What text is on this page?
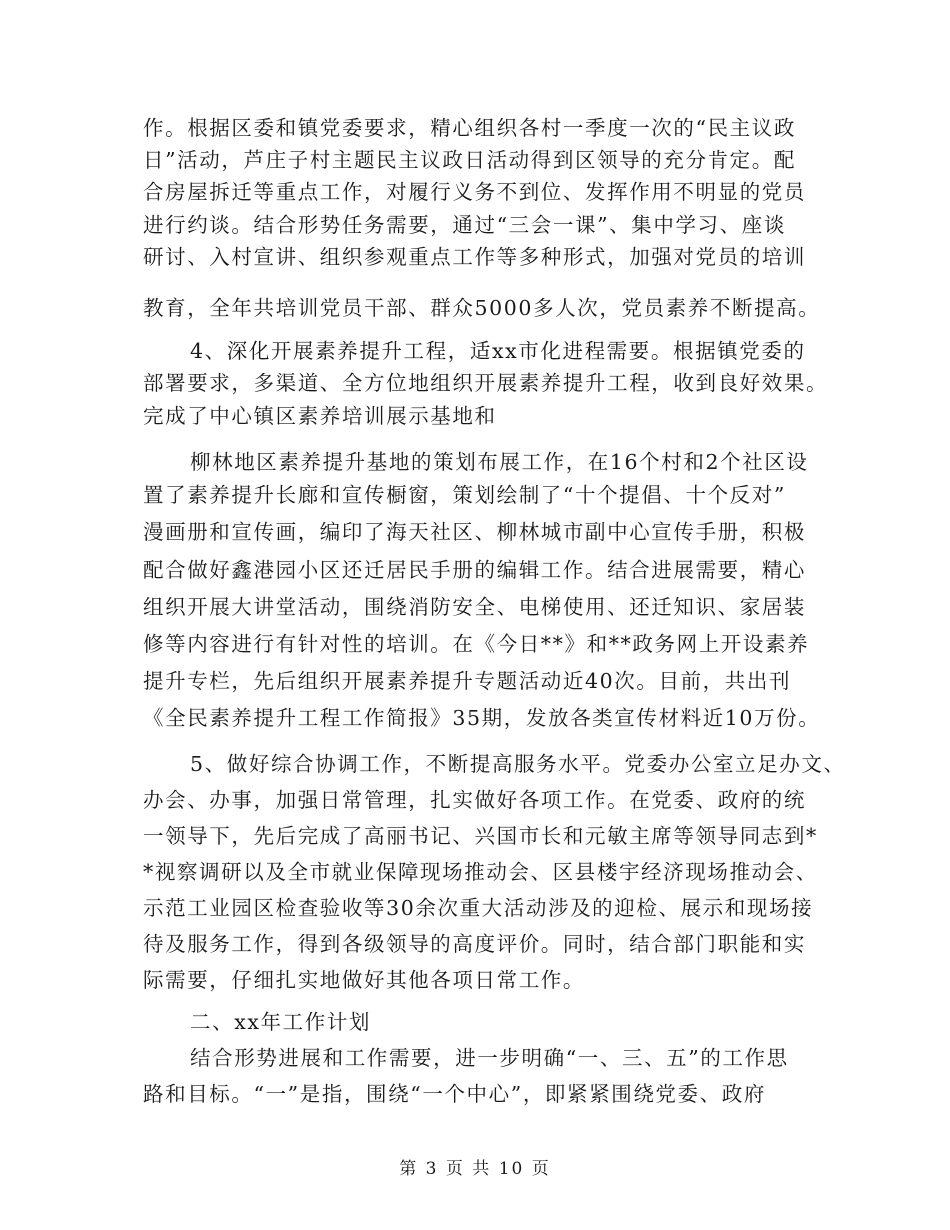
作。根据区委和镇党委要求，精心组织各村一季度一次的“民主议政
日”活动，芦庄子村主题民主议政日活动得到区领导的充分肯定。配
合房屋拆迁等重点工作，对履行义务不到位、发挥作用不明显的党员
进行约谈。结合形势任务需要，通过“三会一课”、集中学习、座谈
研讨、入村宣讲、组织参观重点工作等多种形式，加强对党员的培训
教育，全年共培训党员干部、群众5000多人次，党员素养不断提高。
4、深化开展素养提升工程，适xx市化进程需要。根据镇党委的
部署要求，多渠道、全方位地组织开展素养提升工程，收到良好效果。
完成了中心镇区素养培训展示基地和
柳林地区素养提升基地的策划布展工作，在16个村和2个社区设
置了素养提升长廊和宣传橱窗，策划绘制了“十个提倡、十个反对”
漫画册和宣传画，编印了海天社区、柳林城市副中心宣传手册，积极
配合做好鑫港园小区还迁居民手册的编辑工作。结合进展需要，精心
组织开展大讲堂活动，围绕消防安全、电梯使用、还迁知识、家居装
修等内容进行有针对性的培训。在《今日**》和**政务网上开设素养
提升专栏，先后组织开展素养提升专题活动近40次。目前，共出刊
《全民素养提升工程工作简报》35期，发放各类宣传材料近10万份。
5、做好综合协调工作，不断提高服务水平。党委办公室立足办文、
办会、办事，加强日常管理，扎实做好各项工作。在党委、政府的统
一领导下，先后完成了高丽书记、兴国市长和元敏主席等领导同志到*
*视察调研以及全市就业保障现场推动会、区县楼宇经济现场推动会、
示范工业园区检查验收等30余次重大活动涉及的迎检、展示和现场接
待及服务工作，得到各级领导的高度评价。同时，结合部门职能和实
际需要，仔细扎实地做好其他各项日常工作。
二、xx年工作计划
结合形势进展和工作需要，进一步明确“一、三、五”的工作思
路和目标。“一”是指，围绕“一个中心”，即紧紧围绕党委、政府
第 3 页 共 10 页
